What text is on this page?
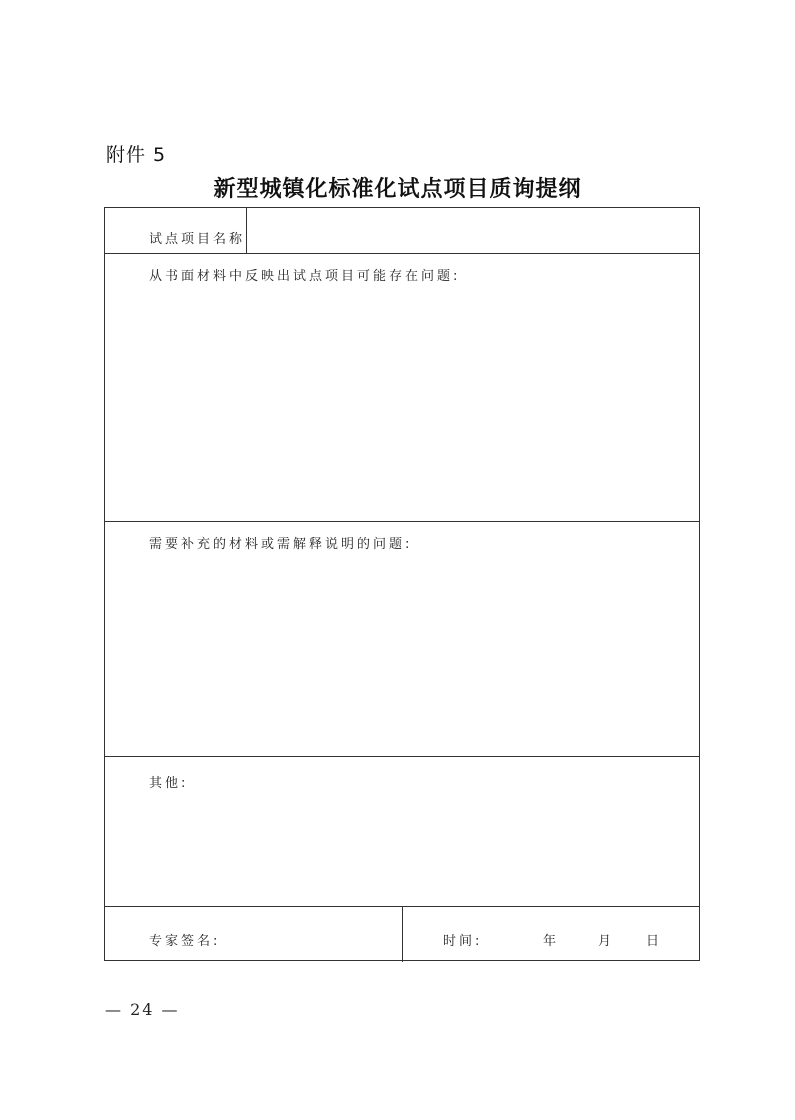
附件 5
新型城镇化标准化试点项目质询提纲
试点项目名称
从书面材料中反映出试点项目可能存在问题:
需要补充的材料或需解释说明的问题:
其他:
专家签名:	时间:	年	月 日
— 24 —
